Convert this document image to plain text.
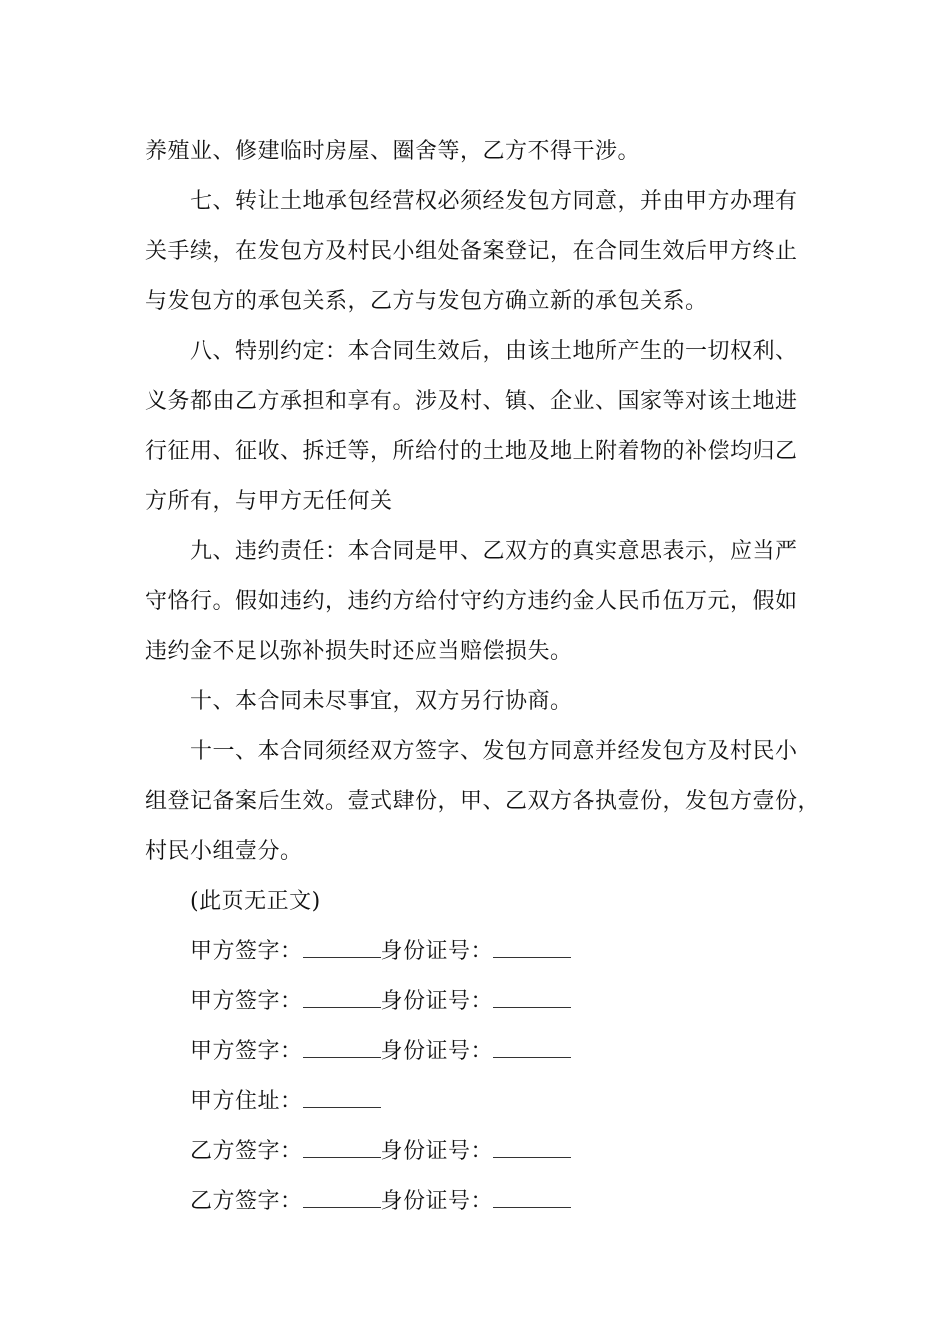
养殖业、修建临时房屋、圈舍等，乙方不得干涉。
七、转让土地承包经营权必须经发包方同意，并由甲方办理有
关手续，在发包方及村民小组处备案登记，在合同生效后甲方终止
与发包方的承包关系，乙方与发包方确立新的承包关系。
八、特别约定：本合同生效后，由该土地所产生的一切权利、
义务都由乙方承担和享有。涉及村、镇、企业、国家等对该土地进
行征用、征收、拆迁等，所给付的土地及地上附着物的补偿均归乙
方所有，与甲方无任何关
九、违约责任：本合同是甲、乙双方的真实意思表示，应当严
守恪行。假如违约，违约方给付守约方违约金人民币伍万元，假如
违约金不足以弥补损失时还应当赔偿损失。
十、本合同未尽事宜，双方另行协商。
十一、本合同须经双方签字、发包方同意并经发包方及村民小
组登记备案后生效。壹式肆份，甲、乙双方各执壹份，发包方壹份，
村民小组壹分。
(此页无正文)
甲方签字：	身份证号：
甲方签字：	身份证号：
甲方签字：	身份证号：
甲方住址：
乙方签字：	身份证号：
乙方签字：	身份证号：
